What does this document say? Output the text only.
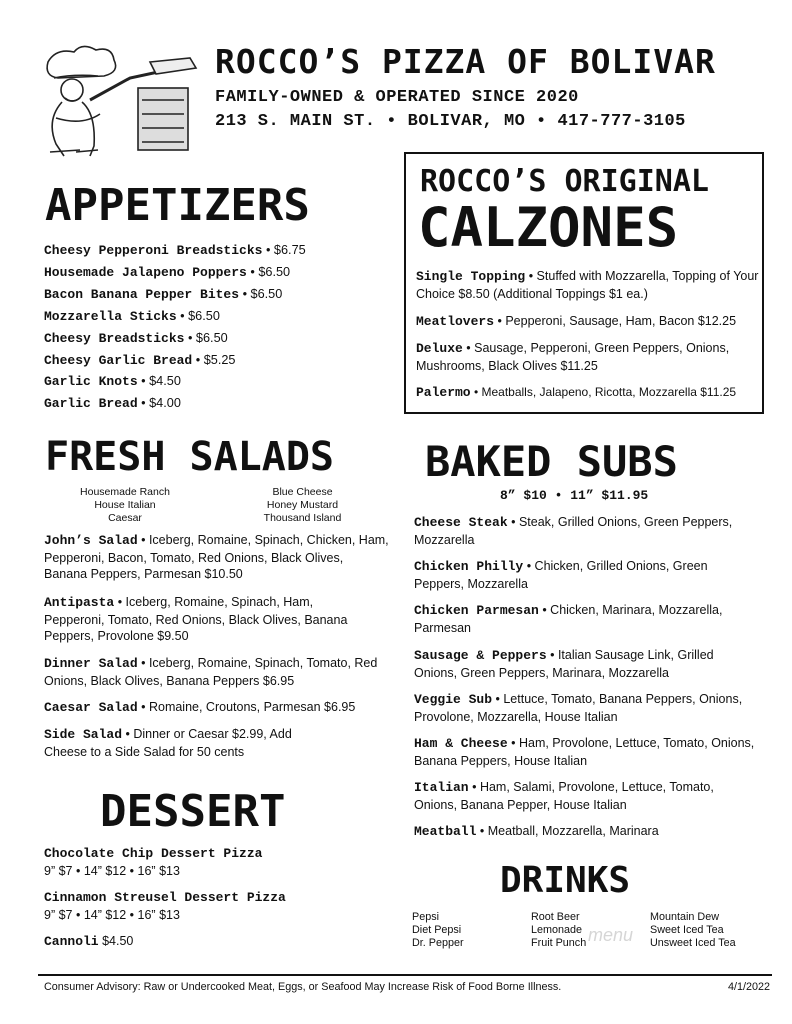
ROCCO’S PIZZA OF BOLIVAR
FAMILY-OWNED & OPERATED SINCE 2020
213 S. MAIN ST. • BOLIVAR, MO • 417-777-3105
APPETIZERS
Cheesy Pepperoni Breadsticks • $6.75
Housemade Jalapeno Poppers • $6.50
Bacon Banana Pepper Bites • $6.50
Mozzarella Sticks • $6.50
Cheesy Breadsticks • $6.50
Cheesy Garlic Bread • $5.25
Garlic Knots • $4.50
Garlic Bread • $4.00
ROCCO’S ORIGINAL
CALZONES
Single Topping • Stuffed with Mozzarella, Topping of Your Choice $8.50 (Additional Toppings $1 ea.)
Meatlovers • Pepperoni, Sausage, Ham, Bacon $12.25
Deluxe • Sausage, Pepperoni, Green Peppers, Onions, Mushrooms, Black Olives $11.25
Palermo • Meatballs, Jalapeno, Ricotta, Mozzarella $11.25
FRESH SALADS
Housemade Ranch
House Italian
Caesar
Blue Cheese
Honey Mustard
Thousand Island
John’s Salad • Iceberg, Romaine, Spinach, Chicken, Ham, Pepperoni, Bacon, Tomato, Red Onions, Black Olives, Banana Peppers, Parmesan $10.50
Antipasta • Iceberg, Romaine, Spinach, Ham, Pepperoni, Tomato, Red Onions, Black Olives, Banana Peppers, Provolone $9.50
Dinner Salad • Iceberg, Romaine, Spinach, Tomato, Red Onions, Black Olives, Banana Peppers $6.95
Caesar Salad • Romaine, Croutons, Parmesan $6.95
Side Salad • Dinner or Caesar $2.99, Add Cheese to a Side Salad for 50 cents
BAKED SUBS
8” $10 • 11” $11.95
Cheese Steak • Steak, Grilled Onions, Green Peppers, Mozzarella
Chicken Philly • Chicken, Grilled Onions, Green Peppers, Mozzarella
Chicken Parmesan • Chicken, Marinara, Mozzarella, Parmesan
Sausage & Peppers • Italian Sausage Link, Grilled Onions, Green Peppers, Marinara, Mozzarella
Veggie Sub • Lettuce, Tomato, Banana Peppers, Onions, Provolone, Mozzarella, House Italian
Ham & Cheese • Ham, Provolone, Lettuce, Tomato, Onions, Banana Peppers, House Italian
Italian • Ham, Salami, Provolone, Lettuce, Tomato, Onions, Banana Pepper, House Italian
Meatball • Meatball, Mozzarella, Marinara
DESSERT
Chocolate Chip Dessert Pizza
9” $7 • 14” $12 • 16” $13
Cinnamon Streusel Dessert Pizza
9” $7 • 14” $12 • 16” $13
Cannoli $4.50
DRINKS
Pepsi
Diet Pepsi
Dr. Pepper
Root Beer
Lemonade
Fruit Punch
Mountain Dew
Sweet Iced Tea
Unsweet Iced Tea
menu
Consumer Advisory: Raw or Undercooked Meat, Eggs, or Seafood May Increase Risk of Food Borne Illness.	4/1/2022
